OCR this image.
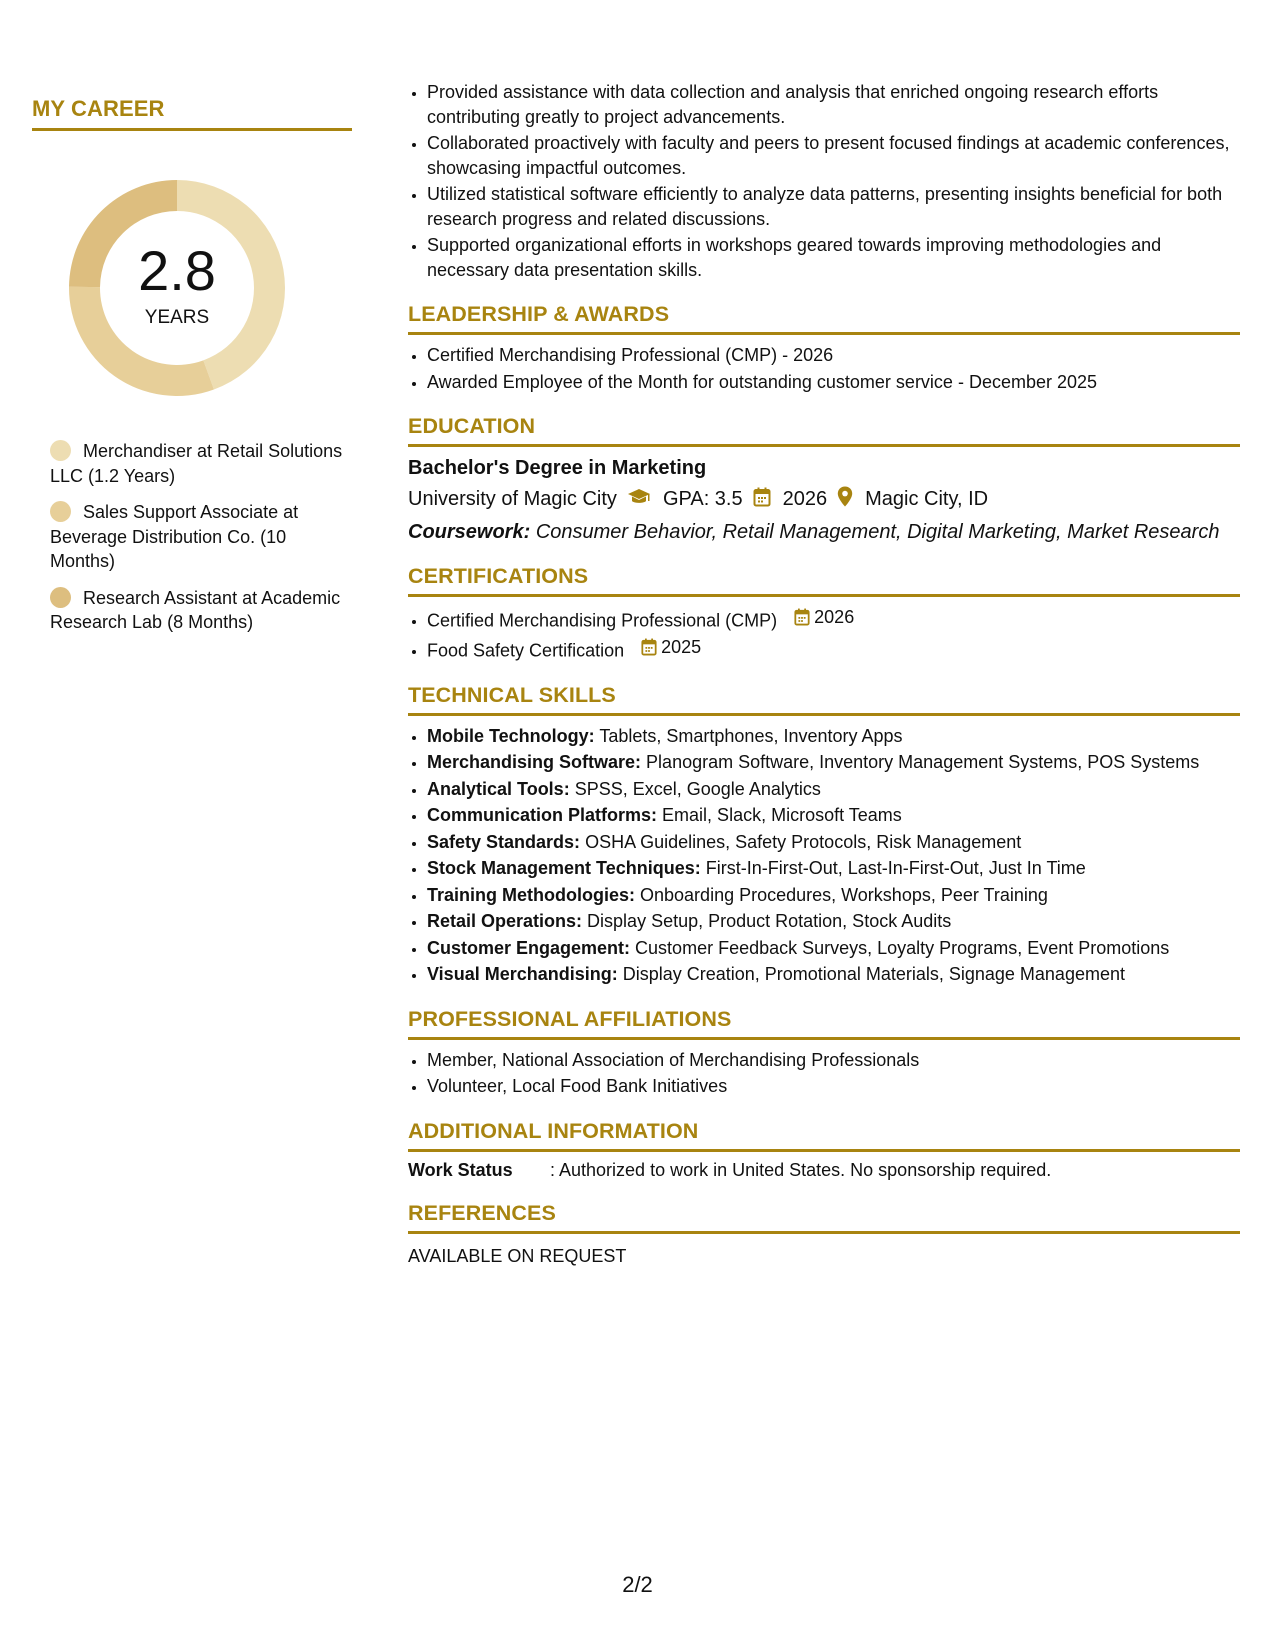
MY CAREER
2.8
YEARS
Merchandiser at Retail Solutions LLC (1.2 Years)
Sales Support Associate at Beverage Distribution Co. (10 Months)
Research Assistant at Academic Research Lab (8 Months)
• Provided assistance with data collection and analysis that enriched ongoing research efforts contributing greatly to project advancements.
• Collaborated proactively with faculty and peers to present focused findings at academic conferences, showcasing impactful outcomes.
• Utilized statistical software efficiently to analyze data patterns, presenting insights beneficial for both research progress and related discussions.
• Supported organizational efforts in workshops geared towards improving methodologies and necessary data presentation skills.
LEADERSHIP & AWARDS
• Certified Merchandising Professional (CMP) - 2026
• Awarded Employee of the Month for outstanding customer service - December 2025
EDUCATION
Bachelor's Degree in Marketing
University of Magic City GPA: 3.5 2026 Magic City, ID
Coursework: Consumer Behavior, Retail Management, Digital Marketing, Market Research
CERTIFICATIONS
• Certified Merchandising Professional (CMP) 2026
• Food Safety Certification 2025
TECHNICAL SKILLS
• Mobile Technology: Tablets, Smartphones, Inventory Apps
• Merchandising Software: Planogram Software, Inventory Management Systems, POS Systems
• Analytical Tools: SPSS, Excel, Google Analytics
• Communication Platforms: Email, Slack, Microsoft Teams
• Safety Standards: OSHA Guidelines, Safety Protocols, Risk Management
• Stock Management Techniques: First-In-First-Out, Last-In-First-Out, Just In Time
• Training Methodologies: Onboarding Procedures, Workshops, Peer Training
• Retail Operations: Display Setup, Product Rotation, Stock Audits
• Customer Engagement: Customer Feedback Surveys, Loyalty Programs, Event Promotions
• Visual Merchandising: Display Creation, Promotional Materials, Signage Management
PROFESSIONAL AFFILIATIONS
• Member, National Association of Merchandising Professionals
• Volunteer, Local Food Bank Initiatives
ADDITIONAL INFORMATION
Work Status	: Authorized to work in United States. No sponsorship required.
REFERENCES
AVAILABLE ON REQUEST
2/2
